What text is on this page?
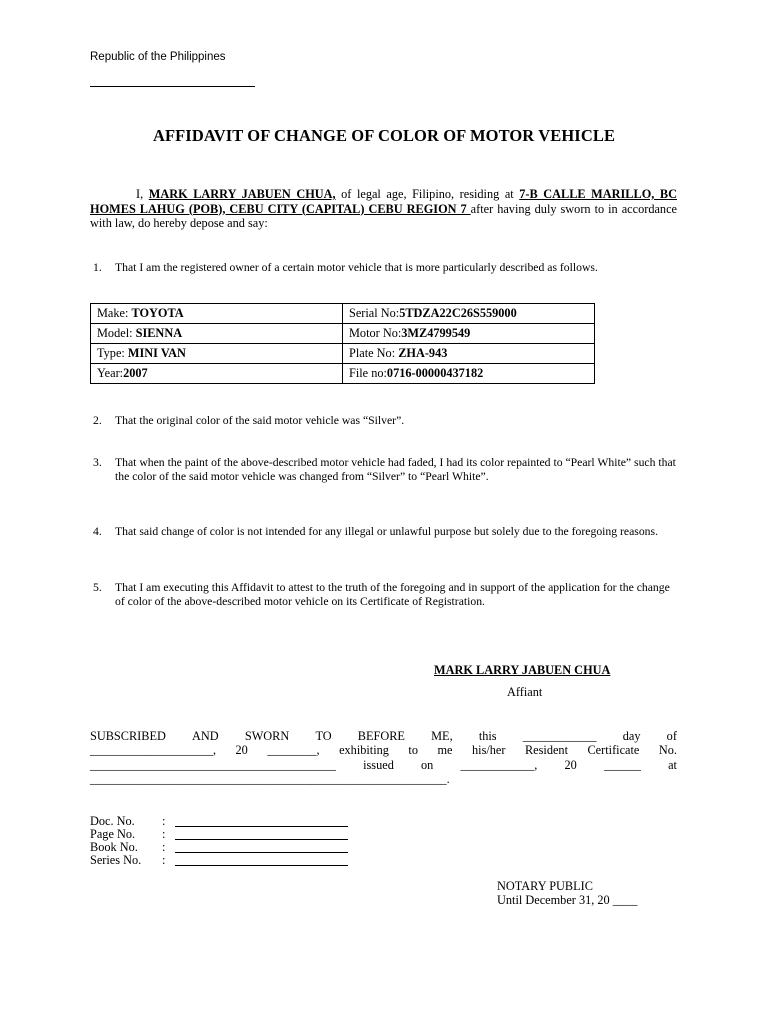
Republic of the Philippines
AFFIDAVIT OF CHANGE OF COLOR OF MOTOR VEHICLE
I, MARK LARRY JABUEN CHUA, of legal age, Filipino, residing at 7-B CALLE MARILLO, BC HOMES LAHUG (POB), CEBU CITY (CAPITAL) CEBU REGION 7 after having duly sworn to in accordance with law, do hereby depose and say:
1. That I am the registered owner of a certain motor vehicle that is more particularly described as follows.
Make: TOYOTA	Serial No:5TDZA22C26S559000
Model: SIENNA	Motor No:3MZ4799549
Type: MINI VAN	Plate No: ZHA-943
Year:2007	File no:0716-00000437182
2. That the original color of the said motor vehicle was “Silver”.
3. That when the paint of the above-described motor vehicle had faded, I had its color repainted to “Pearl White” such that the color of the said motor vehicle was changed from “Silver” to “Pearl White”.
4. That said change of color is not intended for any illegal or unlawful purpose but solely due to the foregoing reasons.
5. That I am executing this Affidavit to attest to the truth of the foregoing and in support of the application for the change of color of the above-described motor vehicle on its Certificate of Registration.
MARK LARRY JABUEN CHUA
Affiant
SUBSCRIBED AND SWORN TO BEFORE ME, this ____________ day of
____________________, 20 ________, exhibiting to me his/her Resident Certificate No.
________________________________________ issued on ____________, 20 ______ at
__________________________________________________________.
Doc. No.	:
Page No.	:
Book No.	:
Series No.	:
NOTARY PUBLIC
Until December 31, 20 ____
